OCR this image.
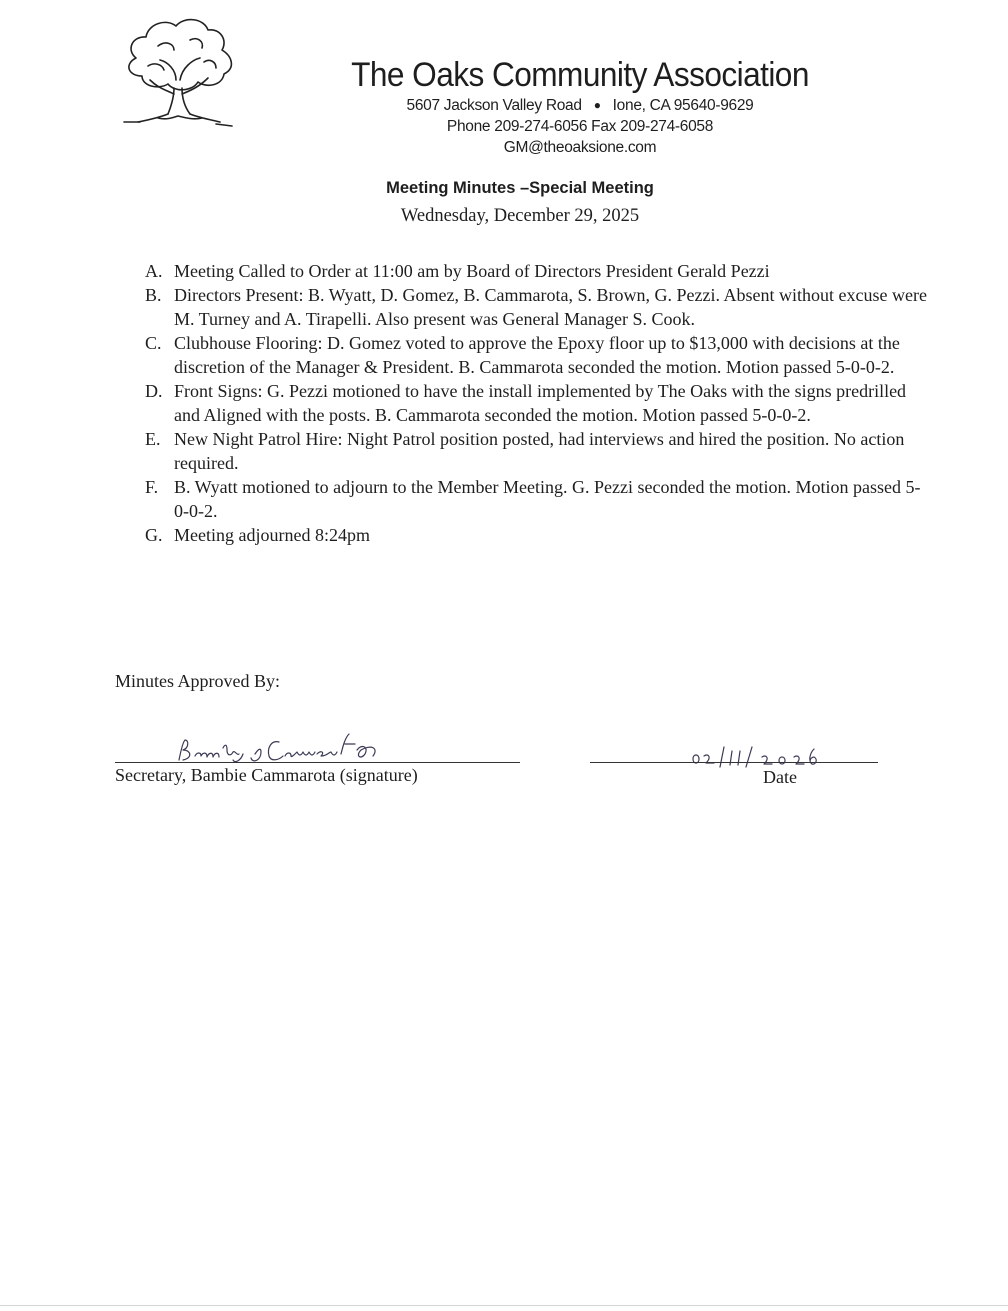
The Oaks Community Association
5607 Jackson Valley Road ● Ione, CA 95640-9629
Phone 209-274-6056 Fax 209-274-6058
GM@theoaksione.com
Meeting Minutes –Special Meeting
Wednesday, December 29, 2025
A. Meeting Called to Order at 11:00 am by Board of Directors President Gerald Pezzi
B. Directors Present: B. Wyatt, D. Gomez, B. Cammarota, S. Brown, G. Pezzi. Absent without excuse were M. Turney and A. Tirapelli. Also present was General Manager S. Cook.
C. Clubhouse Flooring: D. Gomez voted to approve the Epoxy floor up to $13,000 with decisions at the discretion of the Manager & President. B. Cammarota seconded the motion. Motion passed 5-0-0-2.
D. Front Signs: G. Pezzi motioned to have the install implemented by The Oaks with the signs predrilled and Aligned with the posts. B. Cammarota seconded the motion. Motion passed 5-0-0-2.
E. New Night Patrol Hire: Night Patrol position posted, had interviews and hired the position. No action required.
F. B. Wyatt motioned to adjourn to the Member Meeting. G. Pezzi seconded the motion. Motion passed 5-0-0-2.
G. Meeting adjourned 8:24pm
Minutes Approved By:
Secretary, Bambie Cammarota (signature)	Date
